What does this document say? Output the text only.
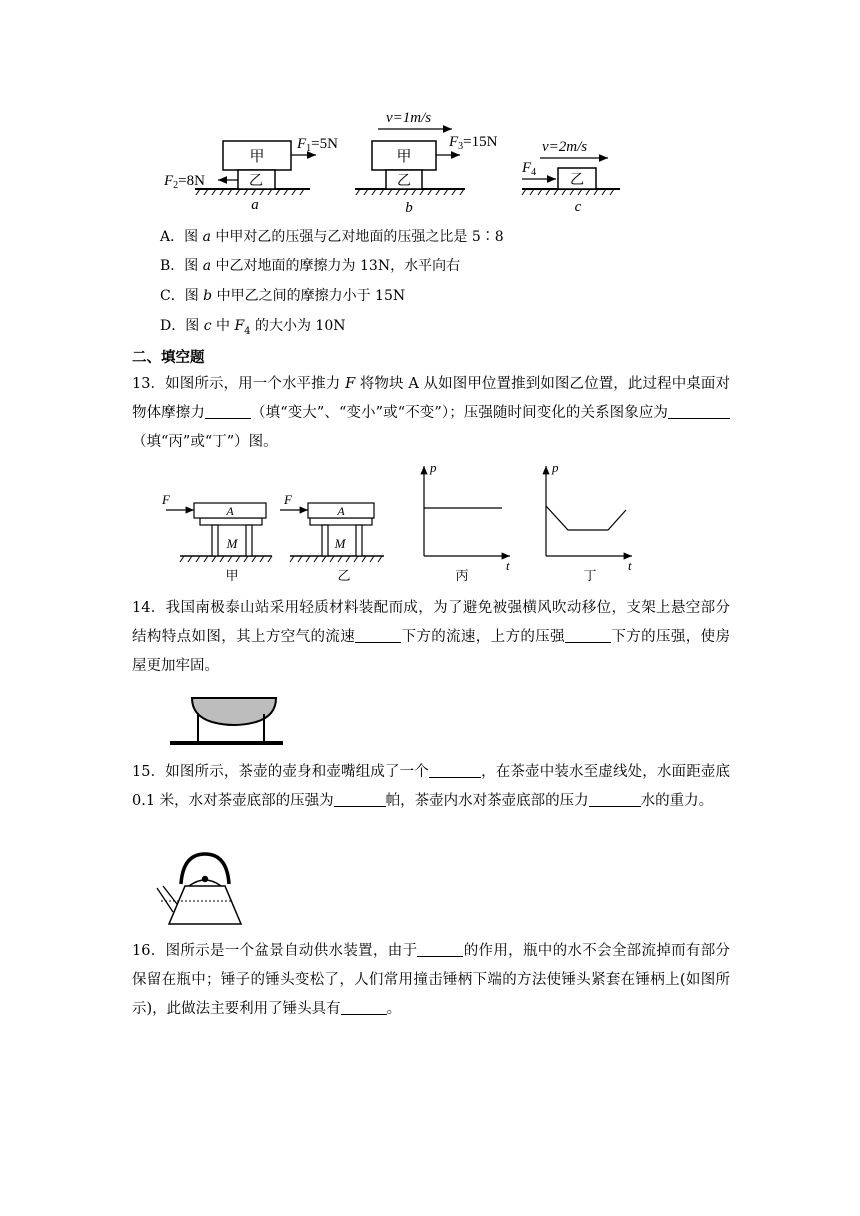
甲
乙
$F_1=5N$
$F_2=8N$
a
甲
乙
v=1m/s
$F_3=15N$
b
乙
v=2m/s
$F_4$
c
A．图 a 中甲对乙的压强与乙对地面的压强之比是 5∶8
B．图 a 中乙对地面的摩擦力为 13N，水平向右
C．图 b 中甲乙之间的摩擦力小于 15N
D．图 c 中 $F_4$ 的大小为 10N
二、填空题
13．如图所示，用一个水平推力 F 将物块 A 从如图甲位置推到如图乙位置，此过程中桌面对物体摩擦力	（填“变大”、“变小”或“不变”）；压强随时间变化的关系图象应为（填“丙”或“丁”）图。
M
A
F
甲
M
A
F
乙
p
t
丙
p
t
丁
14．我国南极泰山站采用轻质材料装配而成，为了避免被强横风吹动移位，支架上悬空部分结构特点如图，其上方空气的流速	下方的流速，上方的压强	下方的压强，使房屋更加牢固。
15．如图所示，茶壶的壶身和壶嘴组成了一个	，在茶壶中装水至虚线处，水面距壶底 0.1 米，水对茶壶底部的压强为	帕，茶壶内水对茶壶底部的压力	水的重力。
16．图所示是一个盆景自动供水装置，由于	的作用，瓶中的水不会全部流掉而有部分保留在瓶中；锤子的锤头变松了，人们常用撞击锤柄下端的方法使锤头紧套在锤柄上(如图所示)，此做法主要利用了锤头具有	。
